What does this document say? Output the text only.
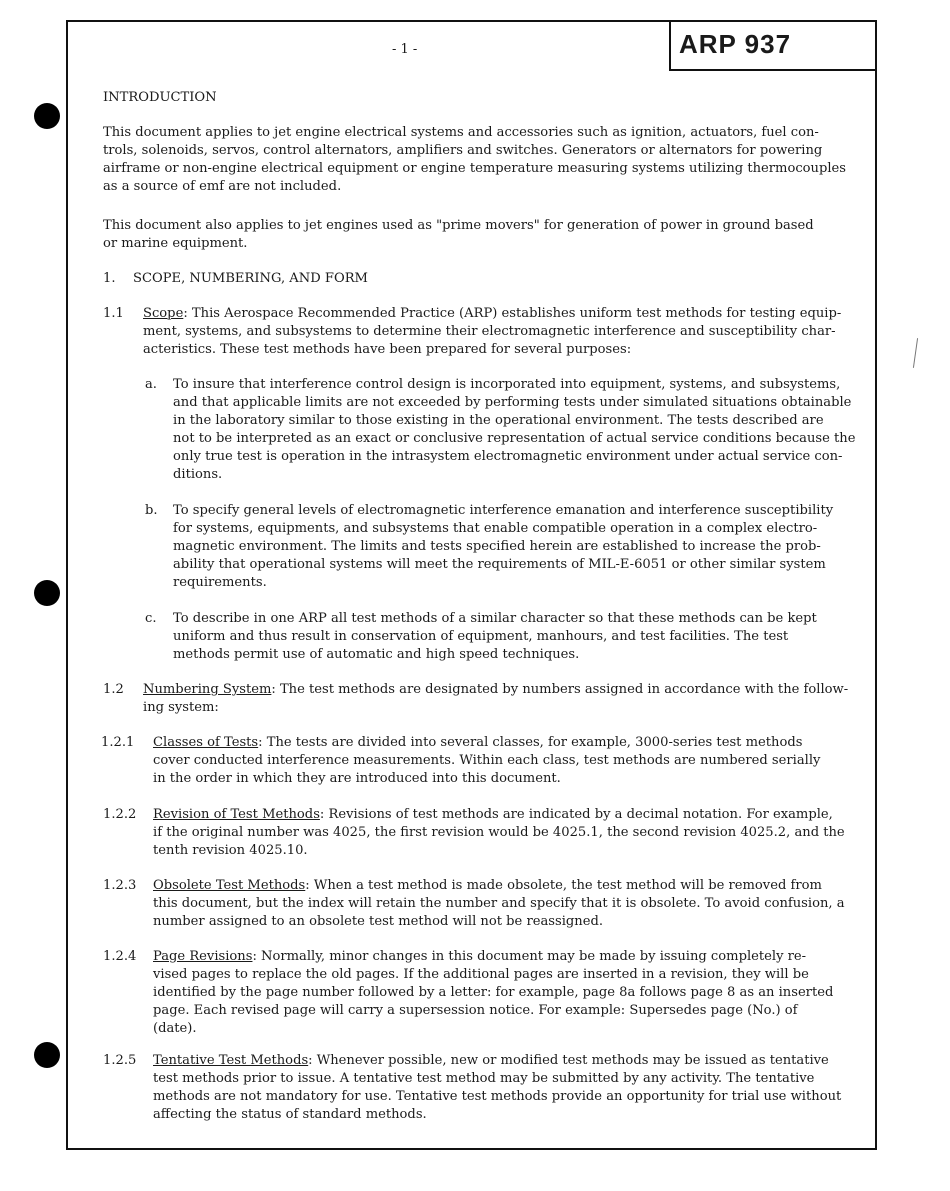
- 1 -	ARP 937
INTRODUCTION
This document applies to jet engine electrical systems and accessories such as ignition, actuators, fuel con-
trols, solenoids, servos, control alternators, amplifiers and switches. Generators or alternators for powering
airframe or non-engine electrical equipment or engine temperature measuring systems utilizing thermocouples
as a source of emf are not included.
This document also applies to jet engines used as "prime movers" for generation of power in ground based
or marine equipment.
1. SCOPE, NUMBERING, AND FORM
1.1 Scope: This Aerospace Recommended Practice (ARP) establishes uniform test methods for testing equip-
ment, systems, and subsystems to determine their electromagnetic interference and susceptibility char-
acteristics. These test methods have been prepared for several purposes:
a. To insure that interference control design is incorporated into equipment, systems, and subsystems,
and that applicable limits are not exceeded by performing tests under simulated situations obtainable
in the laboratory similar to those existing in the operational environment. The tests described are
not to be interpreted as an exact or conclusive representation of actual service conditions because the
only true test is operation in the intrasystem electromagnetic environment under actual service con-
ditions.
b. To specify general levels of electromagnetic interference emanation and interference susceptibility
for systems, equipments, and subsystems that enable compatible operation in a complex electro-
magnetic environment. The limits and tests specified herein are established to increase the prob-
ability that operational systems will meet the requirements of MIL-E-6051 or other similar system
requirements.
c. To describe in one ARP all test methods of a similar character so that these methods can be kept
uniform and thus result in conservation of equipment, manhours, and test facilities. The test
methods permit use of automatic and high speed techniques.
1.2 Numbering System: The test methods are designated by numbers assigned in accordance with the follow-
ing system:
1.2.1 Classes of Tests: The tests are divided into several classes, for example, 3000-series test methods
cover conducted interference measurements. Within each class, test methods are numbered serially
in the order in which they are introduced into this document.
1.2.2 Revision of Test Methods: Revisions of test methods are indicated by a decimal notation. For example,
if the original number was 4025, the first revision would be 4025.1, the second revision 4025.2, and the
tenth revision 4025.10.
1.2.3 Obsolete Test Methods: When a test method is made obsolete, the test method will be removed from
this document, but the index will retain the number and specify that it is obsolete. To avoid confusion, a
number assigned to an obsolete test method will not be reassigned.
1.2.4 Page Revisions: Normally, minor changes in this document may be made by issuing completely re-
vised pages to replace the old pages. If the additional pages are inserted in a revision, they will be
identified by the page number followed by a letter: for example, page 8a follows page 8 as an inserted
page. Each revised page will carry a supersession notice. For example: Supersedes page (No.) of
(date).
1.2.5 Tentative Test Methods: Whenever possible, new or modified test methods may be issued as tentative
test methods prior to issue. A tentative test method may be submitted by any activity. The tentative
methods are not mandatory for use. Tentative test methods provide an opportunity for trial use without
affecting the status of standard methods.
